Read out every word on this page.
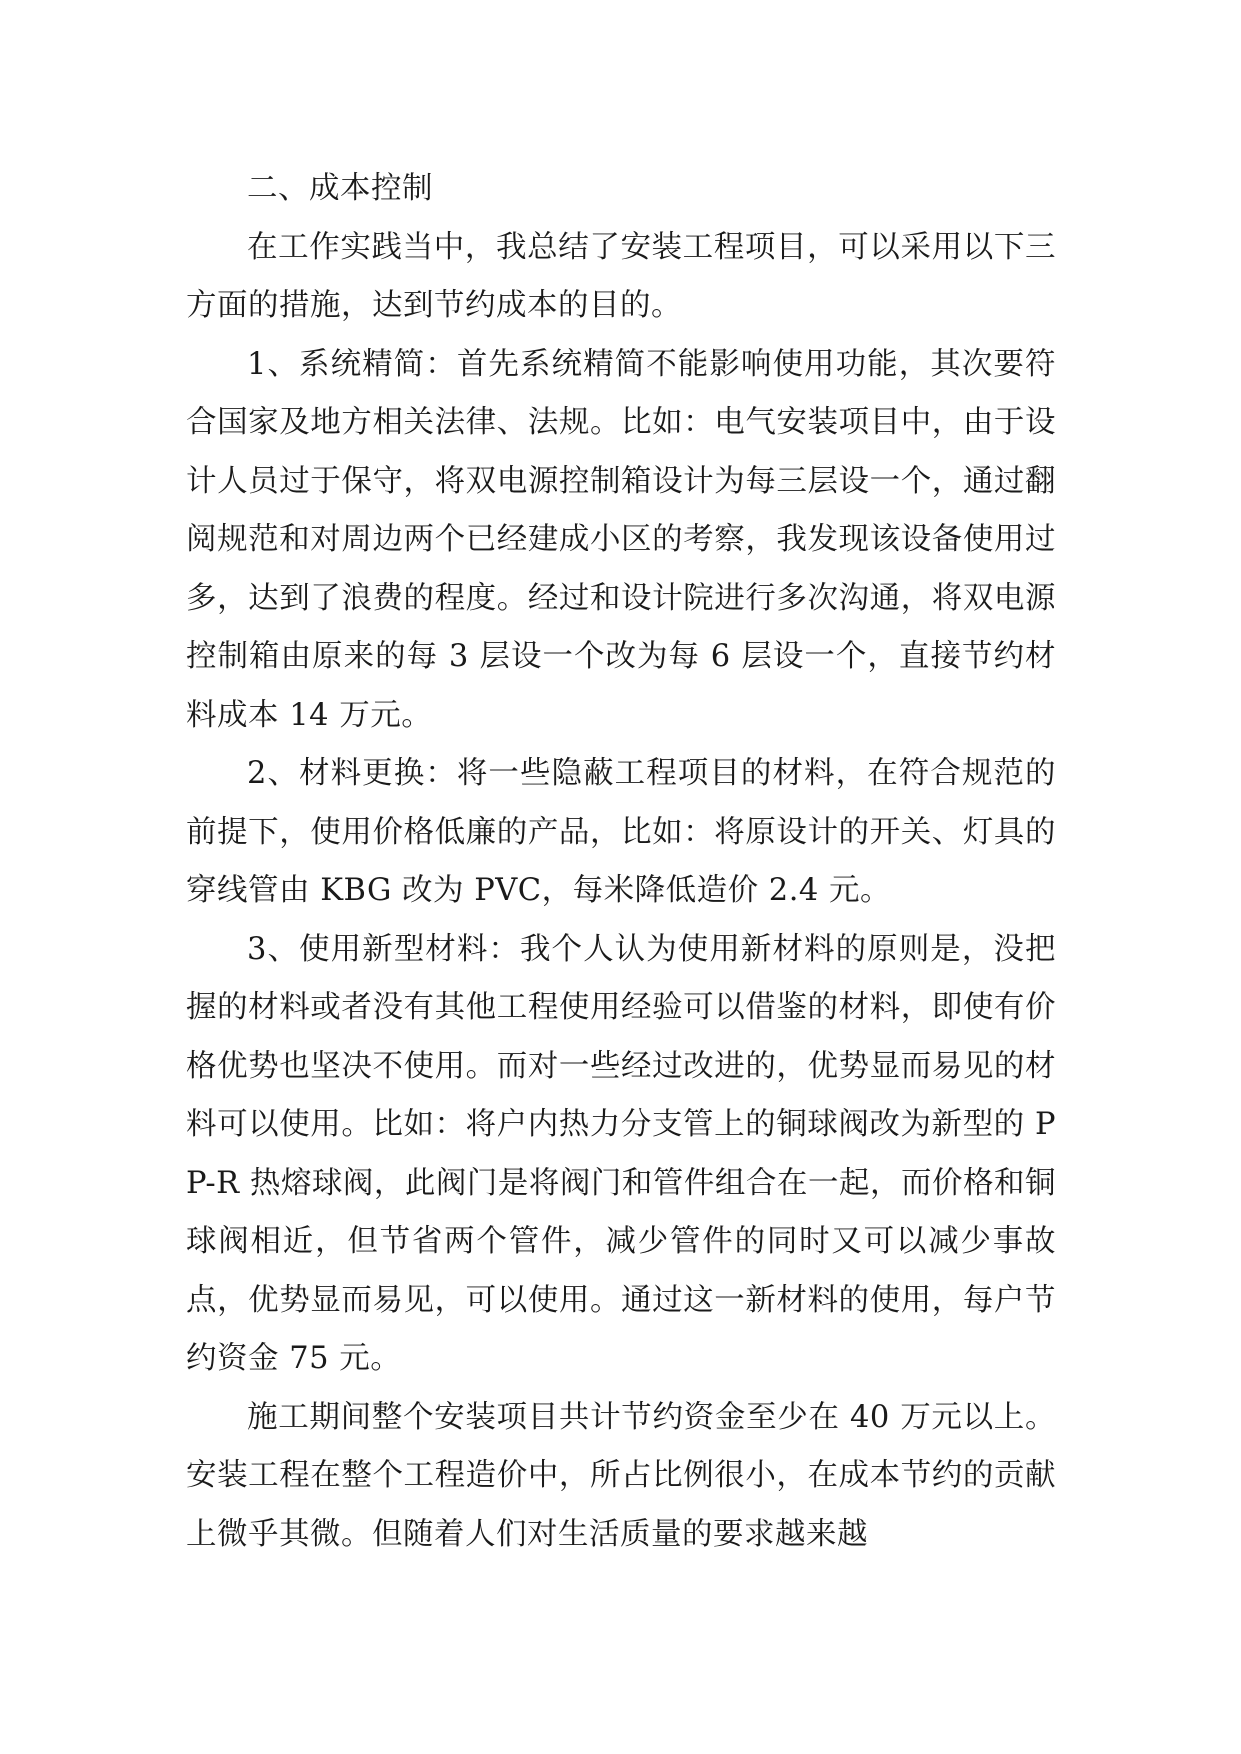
二、成本控制

在工作实践当中，我总结了安装工程项目，可以采用以下三方面的措施，达到节约成本的目的。

1、系统精简：首先系统精简不能影响使用功能，其次要符合国家及地方相关法律、法规。比如：电气安装项目中，由于设计人员过于保守，将双电源控制箱设计为每三层设一个，通过翻阅规范和对周边两个已经建成小区的考察，我发现该设备使用过多，达到了浪费的程度。经过和设计院进行多次沟通，将双电源控制箱由原来的每 3 层设一个改为每 6 层设一个，直接节约材料成本 14 万元。

2、材料更换：将一些隐蔽工程项目的材料，在符合规范的前提下，使用价格低廉的产品，比如：将原设计的开关、灯具的穿线管由 KBG 改为 PVC，每米降低造价 2.4 元。

3、使用新型材料：我个人认为使用新材料的原则是，没把握的材料或者没有其他工程使用经验可以借鉴的材料，即使有价格优势也坚决不使用。而对一些经过改进的，优势显而易见的材料可以使用。比如：将户内热力分支管上的铜球阀改为新型的 PP-R 热熔球阀，此阀门是将阀门和管件组合在一起，而价格和铜球阀相近，但节省两个管件，减少管件的同时又可以减少事故点，优势显而易见，可以使用。通过这一新材料的使用，每户节约资金 75 元。

施工期间整个安装项目共计节约资金至少在 40 万元以上。安装工程在整个工程造价中，所占比例很小，在成本节约的贡献上微乎其微。但随着人们对生活质量的要求越来越
